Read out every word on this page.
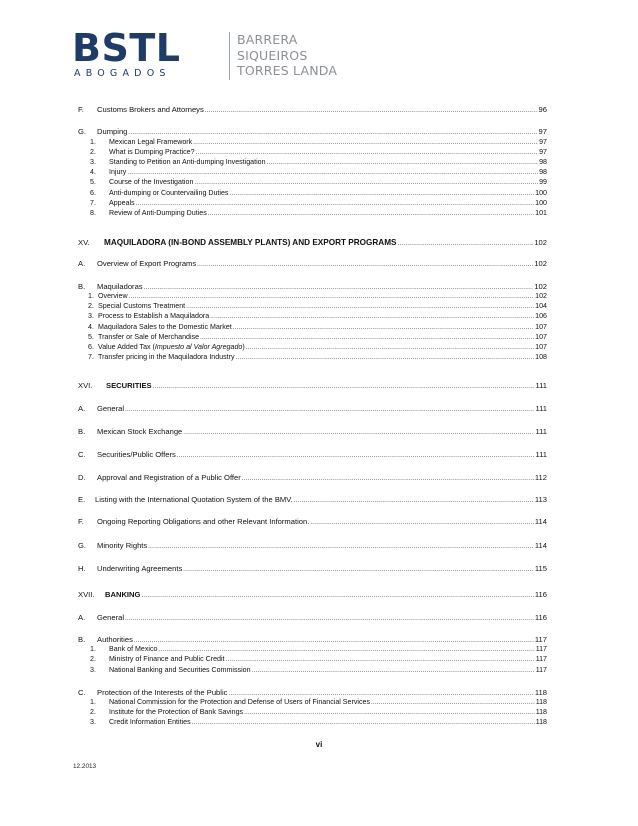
BSTL
ABOGADOS
BARRERA
SIQUEIROS
TORRES LANDA
F. Customs Brokers and Attorneys .....	96
G. Dumping .....	97
1. Mexican Legal Framework .....	97
2. What is Dumping Practice? .....	97
3. Standing to Petition an Anti-dumping Investigation .....	98
4. Injury .....	98
5. Course of the Investigation .....	99
6. Anti-dumping or Countervailing Duties .....	100
7. Appeals .....	100
8. Review of Anti-Dumping Duties .....	101
XV. MAQUILADORA (IN-BOND ASSEMBLY PLANTS) AND EXPORT PROGRAMS .....	102
A. Overview of Export Programs .....	102
B. Maquiladoras .....	102
1. Overview .....	102
2. Special Customs Treatment .....	104
3. Process to Establish a Maquiladora .....	106
4. Maquiladora Sales to the Domestic Market .....	107
5. Transfer or Sale of Merchandise .....	107
6. Value Added Tax (Impuesto al Valor Agregado) .....	107
7. Transfer pricing in the Maquiladora Industry .....	108
XVI. SECURITIES .....	111
A. General .....	111
B. Mexican Stock Exchange .....	111
C. Securities/Public Offers .....	111
D. Approval and Registration of a Public Offer .....	112
E. Listing with the International Quotation System of the BMV. .....	113
F. Ongoing Reporting Obligations and other Relevant Information. .....	114
G. Minority Rights .....	114
H. Underwriting Agreements .....	115
XVII. BANKING .....	116
A. General .....	116
B. Authorities .....	117
1. Bank of Mexico .....	117
2. Ministry of Finance and Public Credit .....	117
3. National Banking and Securities Commission .....	117
C. Protection of the Interests of the Public .....	118
1. National Commission for the Protection and Defense of Users of Financial Services .....	118
2. Institute for the Protection of Bank Savings .....	118
3. Credit Information Entities .....	118
vi
12.2013
